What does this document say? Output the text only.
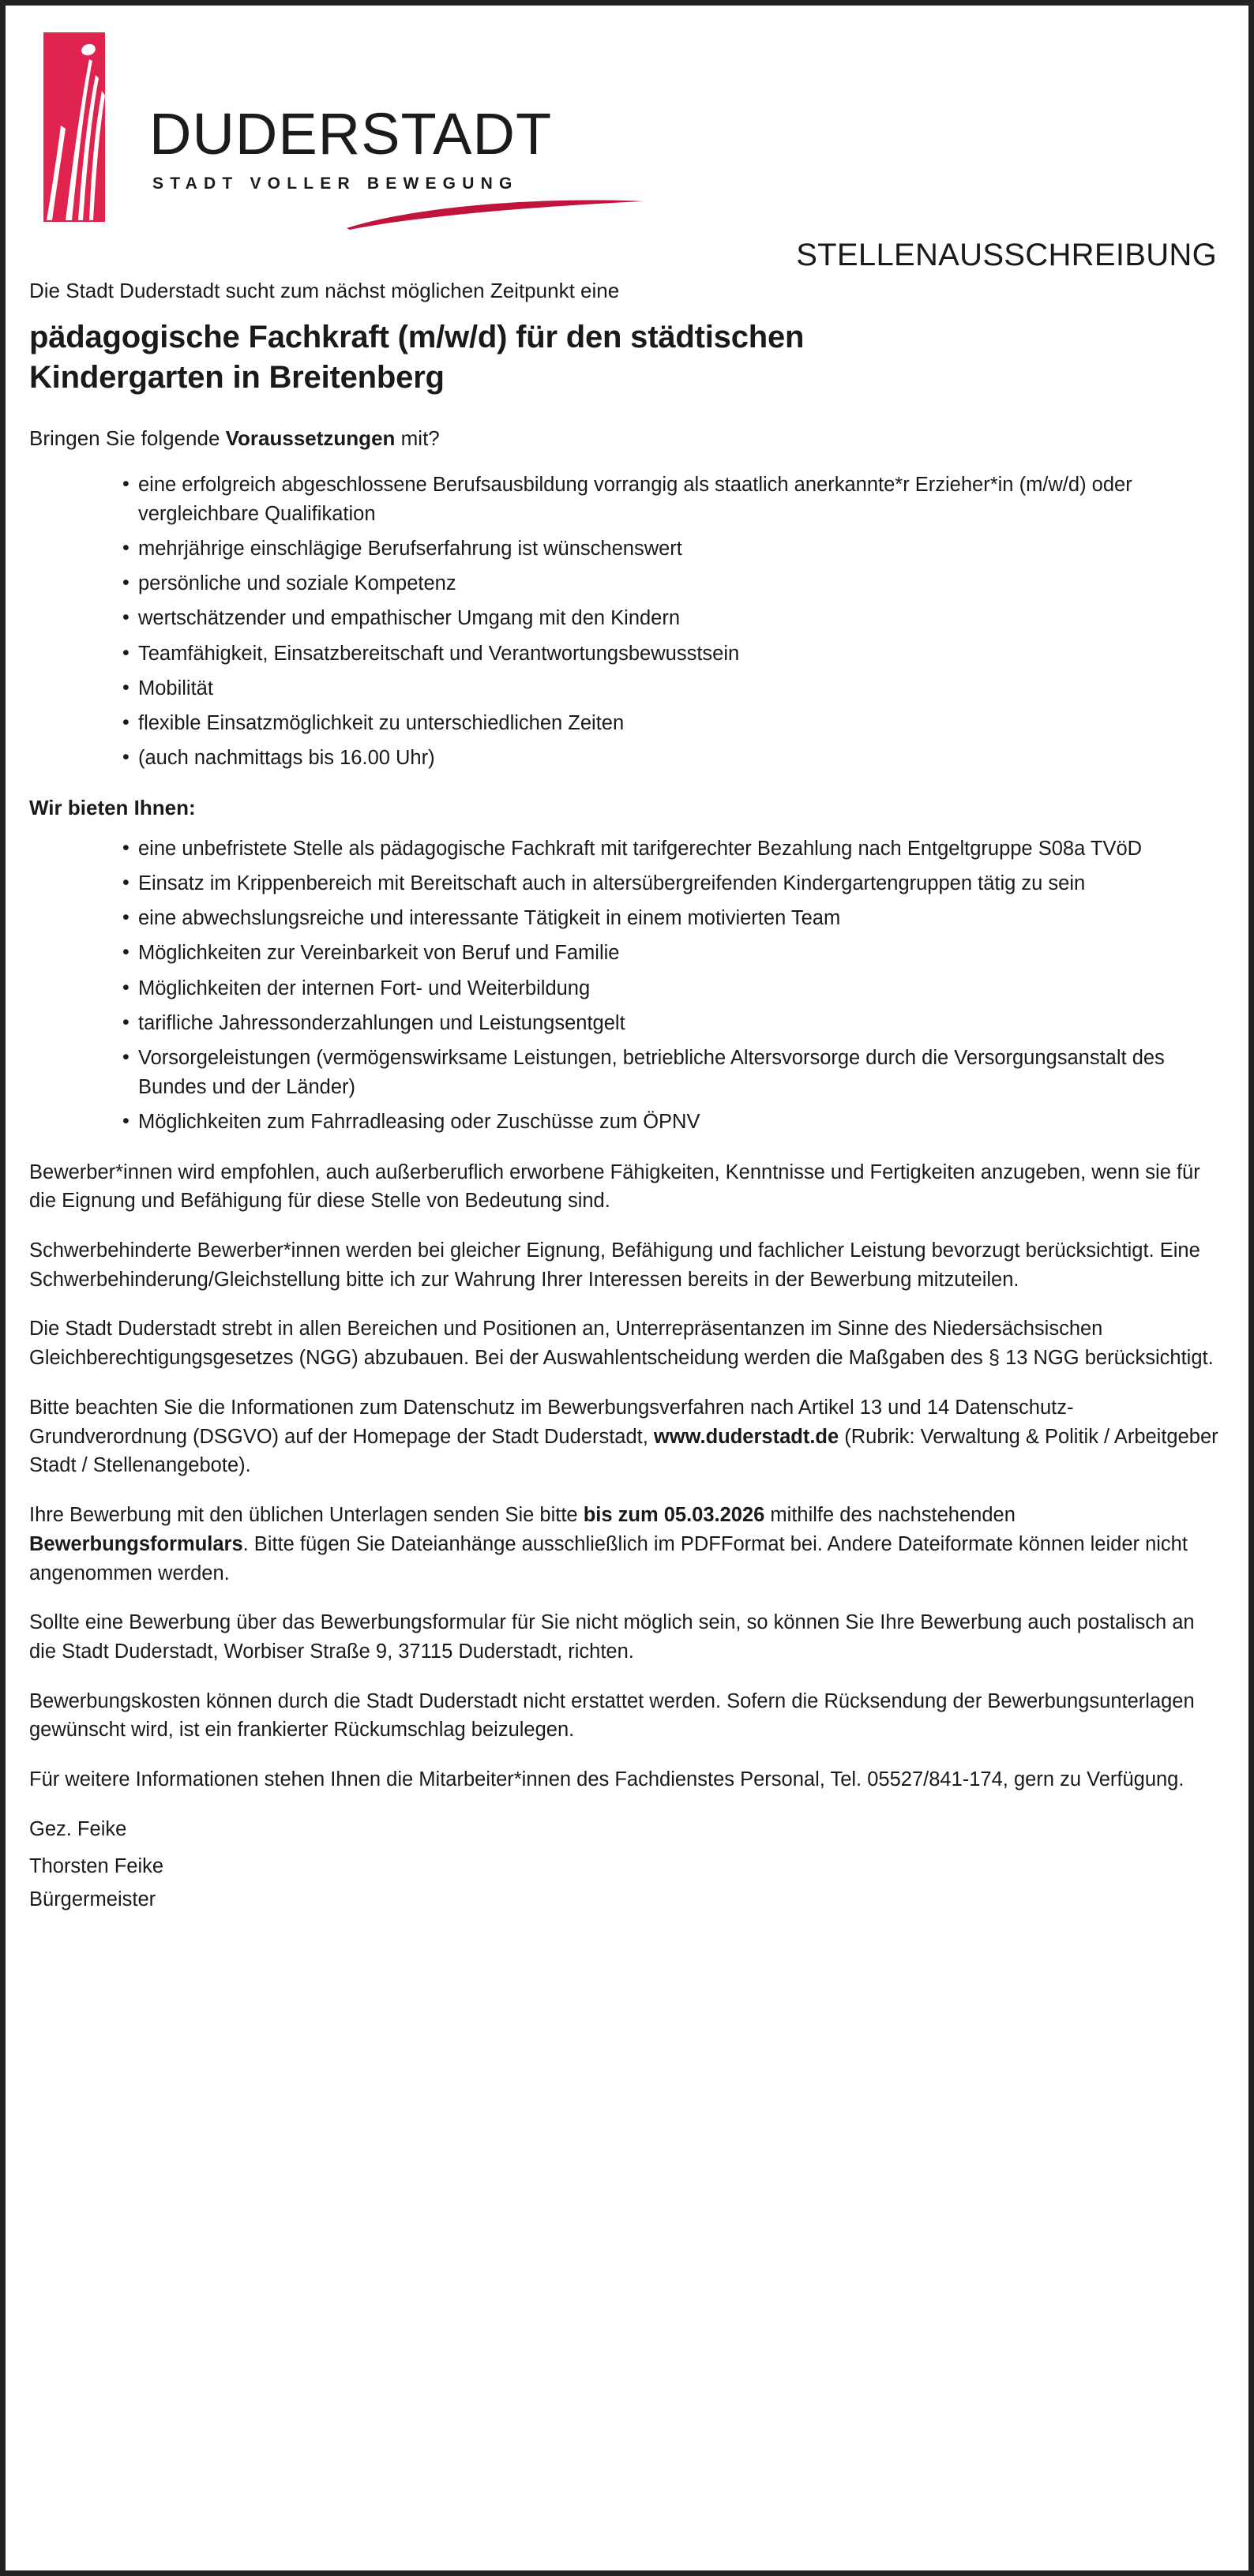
DUDERSTADT
STADT VOLLER BEWEGUNG
STELLENAUSSCHREIBUNG

Die Stadt Duderstadt sucht zum nächst möglichen Zeitpunkt eine

pädagogische Fachkraft (m/w/d) für den städtischen
Kindergarten in Breitenberg

Bringen Sie folgende Voraussetzungen mit?

• eine erfolgreich abgeschlossene Berufsausbildung vorrangig als staatlich anerkannte*r Erzieher*in (m/w/d) oder vergleichbare Qualifikation
• mehrjährige einschlägige Berufserfahrung ist wünschenswert
• persönliche und soziale Kompetenz
• wertschätzender und empathischer Umgang mit den Kindern
• Teamfähigkeit, Einsatzbereitschaft und Verantwortungsbewusstsein
• Mobilität
• flexible Einsatzmöglichkeit zu unterschiedlichen Zeiten
• (auch nachmittags bis 16.00 Uhr)

Wir bieten Ihnen:

• eine unbefristete Stelle als pädagogische Fachkraft mit tarifgerechter Bezahlung nach Entgeltgruppe S08a TVöD
• Einsatz im Krippenbereich mit Bereitschaft auch in altersübergreifenden Kindergartengruppen tätig zu sein
• eine abwechslungsreiche und interessante Tätigkeit in einem motivierten Team
• Möglichkeiten zur Vereinbarkeit von Beruf und Familie
• Möglichkeiten der internen Fort- und Weiterbildung
• tarifliche Jahressonderzahlungen und Leistungsentgelt
• Vorsorgeleistungen (vermögenswirksame Leistungen, betriebliche Altersvorsorge durch die Versorgungsanstalt des Bundes und der Länder)
• Möglichkeiten zum Fahrradleasing oder Zuschüsse zum ÖPNV

Bewerber*innen wird empfohlen, auch außerberuflich erworbene Fähigkeiten, Kenntnisse und Fertigkeiten anzugeben, wenn sie für die Eignung und Befähigung für diese Stelle von Bedeutung sind.

Schwerbehinderte Bewerber*innen werden bei gleicher Eignung, Befähigung und fachlicher Leistung bevorzugt berücksichtigt. Eine Schwerbehinderung/Gleichstellung bitte ich zur Wahrung Ihrer Interessen bereits in der Bewerbung mitzuteilen.

Die Stadt Duderstadt strebt in allen Bereichen und Positionen an, Unterrepräsentanzen im Sinne des Niedersächsischen Gleichberechtigungsgesetzes (NGG) abzubauen. Bei der Auswahlentscheidung werden die Maßgaben des § 13 NGG berücksichtigt.

Bitte beachten Sie die Informationen zum Datenschutz im Bewerbungsverfahren nach Artikel 13 und 14 Datenschutz-Grundverordnung (DSGVO) auf der Homepage der Stadt Duderstadt, www.duderstadt.de (Rubrik: Verwaltung & Politik / Arbeitgeber Stadt / Stellenangebote).

Ihre Bewerbung mit den üblichen Unterlagen senden Sie bitte bis zum 05.03.2026 mithilfe des nachstehenden Bewerbungsformulars. Bitte fügen Sie Dateianhänge ausschließlich im PDFFormat bei. Andere Dateiformate können leider nicht angenommen werden.

Sollte eine Bewerbung über das Bewerbungsformular für Sie nicht möglich sein, so können Sie Ihre Bewerbung auch postalisch an die Stadt Duderstadt, Worbiser Straße 9, 37115 Duderstadt, richten.

Bewerbungskosten können durch die Stadt Duderstadt nicht erstattet werden. Sofern die Rücksendung der Bewerbungsunterlagen gewünscht wird, ist ein frankierter Rückumschlag beizulegen.

Für weitere Informationen stehen Ihnen die Mitarbeiter*innen des Fachdienstes Personal, Tel. 05527/841-174, gern zu Verfügung.

Gez. Feike

Thorsten Feike

Bürgermeister
